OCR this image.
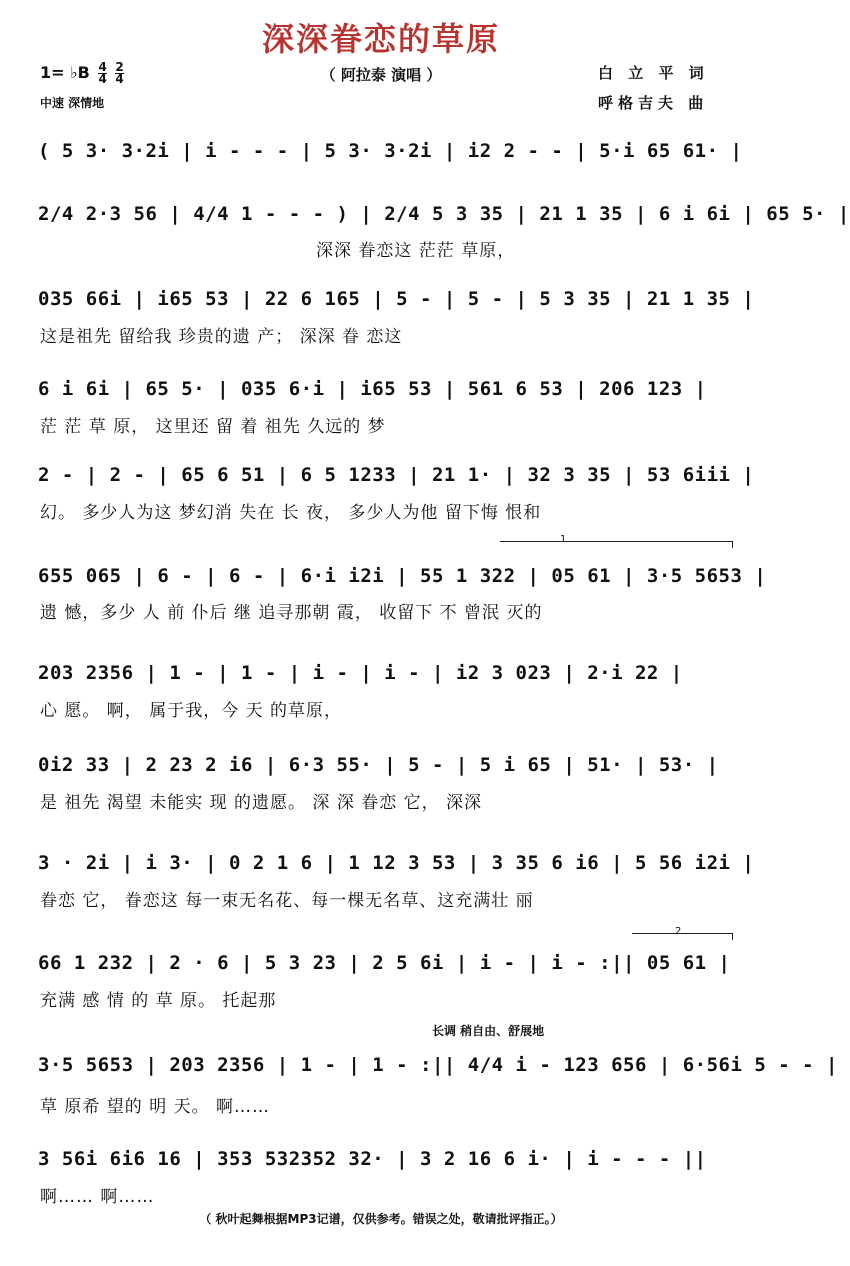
深深眷恋的草原
1= ♭B $\frac{4}{4}$
$\frac{2}{4}$	（ 阿拉泰 演唱 ）	白 立 平 词
呼格吉夫 曲
中速 深情地
( 5 3· 3·2i | i - - - | 5 3· 3·2i | i2 2 - - | 5·i 65 61· |
2/4 2·3 56 | 4/4 1 - - - ) | 2/4 5 3 35 | 21 1 35 | 6 i 6i | 65 5· |
深深 眷恋这 茫茫 草原，
035 66i | i65 53 | 22 6 165 | 5 - | 5 - | 5 3 35 | 21 1 35 |
这是祖先 留给我 珍贵的遗 产； 深深 眷 恋这
6 i 6i | 65 5· | 035 6·i | i65 53 | 561 6 53 | 206 123 |
茫 茫 草 原， 这里还 留 着 祖先 久远的 梦
2 - | 2 - | 65 6 51 | 6 5 1233 | 21 1· | 32 3 35 | 53 6iii |
幻。 多少人为这 梦幻消 失在 长 夜， 多少人为他 留下悔 恨和
1
655 065 | 6 - | 6 - | 6·i i2i | 55 1 322 | 05 61 | 3·5 5653 |
遗 憾，多少 人 前 仆后 继 追寻那朝 霞， 收留下 不 曾泯 灭的
203 2356 | 1 - | 1 - | i - | i - | i2 3 023 | 2·i 22 |
心 愿。 啊， 属于我，今 天 的草原，
0i2 33 | 2 23 2 i6 | 6·3 55· | 5 - | 5 i 65 | 51· | 53· |
是 祖先 渴望 未能实 现 的遗愿。 深 深 眷恋 它， 深深
3 · 2i | i 3· | 0 2 1 6 | 1 12 3 53 | 3 35 6 i6 | 5 56 i2i |
眷恋 它， 眷恋这 每一束无名花、每一棵无名草、这充满壮 丽
2
66 1 232 | 2 · 6 | 5 3 23 | 2 5 6i | i - | i - :|| 05 61 |
充满 感 情 的 草 原。 托起那
长调 稍自由、舒展地
3·5 5653 | 203 2356 | 1 - | 1 - :|| 4/4 i - 123 656 | 6·56i 5 - - |
草 原希 望的 明 天。 啊……
3 56i 6i6 16 | 353 532352 32· | 3 2 16 6 i· | i - - - ||
啊…… 啊……
（ 秋叶起舞根据MP3记谱，仅供参考。错误之处，敬请批评指正。）
